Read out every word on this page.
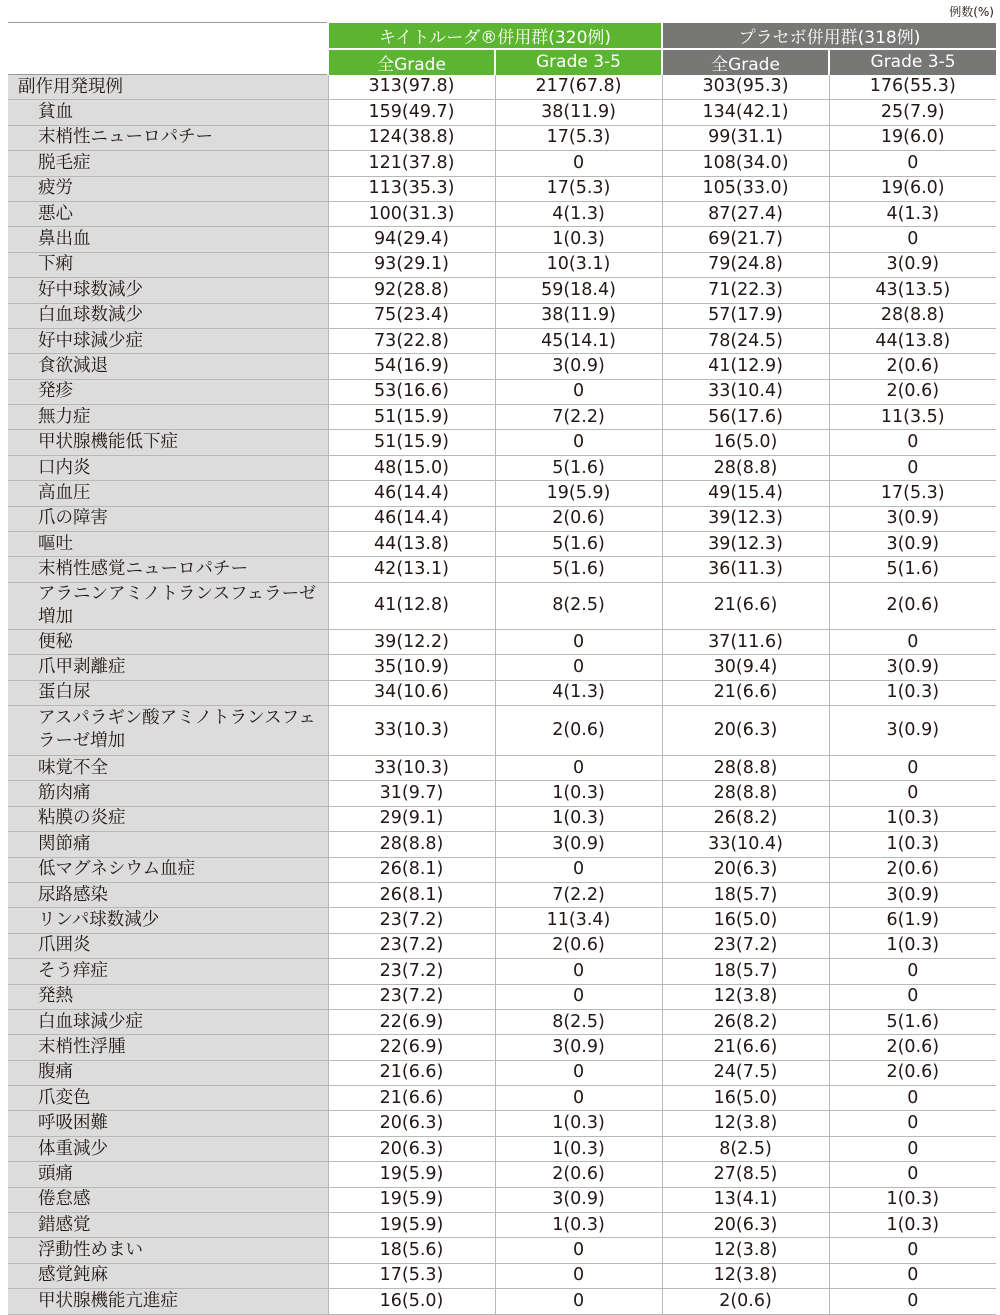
例数(%)
	キイトルーダ®併用群(320例)		プラセボ併用群(318例)	
	全Grade	Grade 3-5	全Grade	Grade 3-5
副作用発現例	313(97.8)	217(67.8)	303(95.3)	176(55.3)
貧血	159(49.7)	38(11.9)	134(42.1)	25(7.9)
末梢性ニューロパチー	124(38.8)	17(5.3)	99(31.1)	19(6.0)
脱毛症	121(37.8)	0	108(34.0)	0
疲労	113(35.3)	17(5.3)	105(33.0)	19(6.0)
悪心	100(31.3)	4(1.3)	87(27.4)	4(1.3)
鼻出血	94(29.4)	1(0.3)	69(21.7)	0
下痢	93(29.1)	10(3.1)	79(24.8)	3(0.9)
好中球数減少	92(28.8)	59(18.4)	71(22.3)	43(13.5)
白血球数減少	75(23.4)	38(11.9)	57(17.9)	28(8.8)
好中球減少症	73(22.8)	45(14.1)	78(24.5)	44(13.8)
食欲減退	54(16.9)	3(0.9)	41(12.9)	2(0.6)
発疹	53(16.6)	0	33(10.4)	2(0.6)
無力症	51(15.9)	7(2.2)	56(17.6)	11(3.5)
甲状腺機能低下症	51(15.9)	0	16(5.0)	0
口内炎	48(15.0)	5(1.6)	28(8.8)	0
高血圧	46(14.4)	19(5.9)	49(15.4)	17(5.3)
爪の障害	46(14.4)	2(0.6)	39(12.3)	3(0.9)
嘔吐	44(13.8)	5(1.6)	39(12.3)	3(0.9)
末梢性感覚ニューロパチー	42(13.1)	5(1.6)	36(11.3)	5(1.6)
アラニンアミノトランスフェラーゼ増加	41(12.8)	8(2.5)	21(6.6)	2(0.6)
便秘	39(12.2)	0	37(11.6)	0
爪甲剥離症	35(10.9)	0	30(9.4)	3(0.9)
蛋白尿	34(10.6)	4(1.3)	21(6.6)	1(0.3)
アスパラギン酸アミノトランスフェラーゼ増加	33(10.3)	2(0.6)	20(6.3)	3(0.9)
味覚不全	33(10.3)	0	28(8.8)	0
筋肉痛	31(9.7)	1(0.3)	28(8.8)	0
粘膜の炎症	29(9.1)	1(0.3)	26(8.2)	1(0.3)
関節痛	28(8.8)	3(0.9)	33(10.4)	1(0.3)
低マグネシウム血症	26(8.1)	0	20(6.3)	2(0.6)
尿路感染	26(8.1)	7(2.2)	18(5.7)	3(0.9)
リンパ球数減少	23(7.2)	11(3.4)	16(5.0)	6(1.9)
爪囲炎	23(7.2)	2(0.6)	23(7.2)	1(0.3)
そう痒症	23(7.2)	0	18(5.7)	0
発熱	23(7.2)	0	12(3.8)	0
白血球減少症	22(6.9)	8(2.5)	26(8.2)	5(1.6)
末梢性浮腫	22(6.9)	3(0.9)	21(6.6)	2(0.6)
腹痛	21(6.6)	0	24(7.5)	2(0.6)
爪変色	21(6.6)	0	16(5.0)	0
呼吸困難	20(6.3)	1(0.3)	12(3.8)	0
体重減少	20(6.3)	1(0.3)	8(2.5)	0
頭痛	19(5.9)	2(0.6)	27(8.5)	0
倦怠感	19(5.9)	3(0.9)	13(4.1)	1(0.3)
錯感覚	19(5.9)	1(0.3)	20(6.3)	1(0.3)
浮動性めまい	18(5.6)	0	12(3.8)	0
感覚鈍麻	17(5.3)	0	12(3.8)	0
甲状腺機能亢進症	16(5.0)	0	2(0.6)	0
